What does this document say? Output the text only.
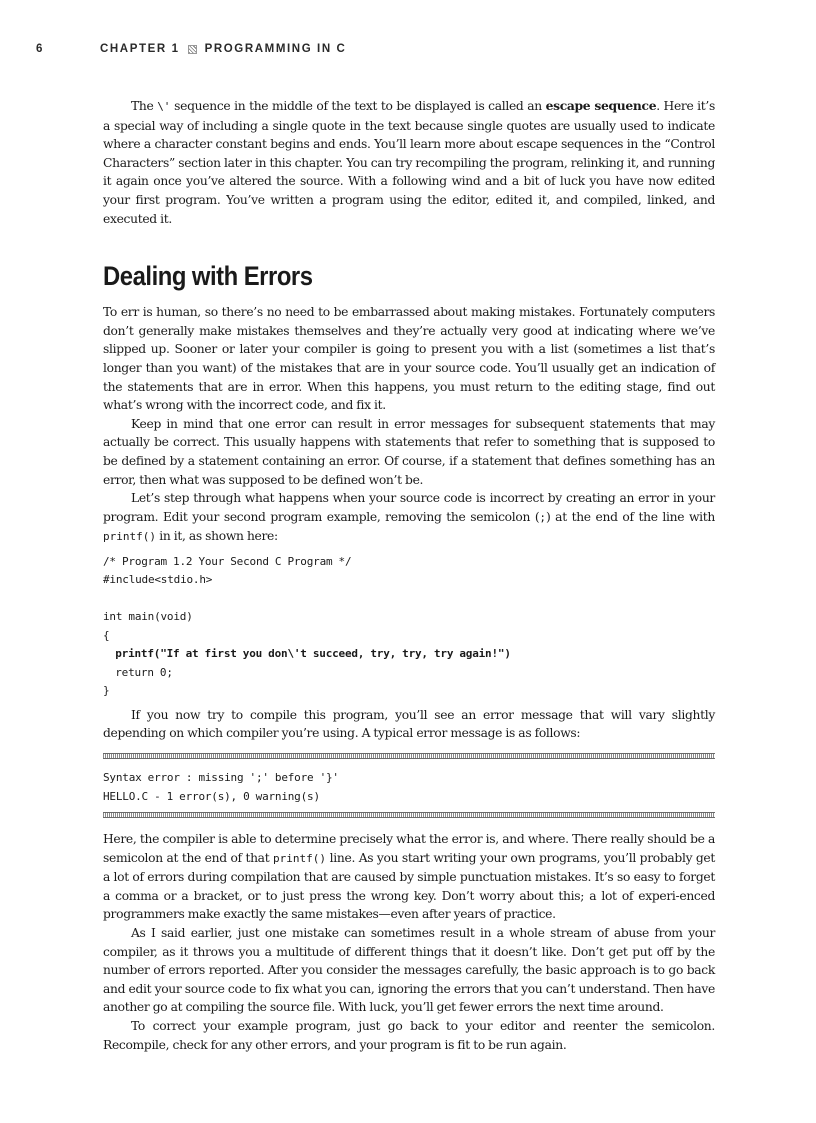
6	CHAPTER 1 PROGRAMMING IN C

The \' sequence in the middle of the text to be displayed is called an escape sequence. Here it’s a special way of including a single quote in the text because single quotes are usually used to indicate where a character constant begins and ends. You’ll learn more about escape sequences in the “Control Characters” section later in this chapter. You can try recompiling the program, relinking it, and running it again once you’ve altered the source. With a following wind and a bit of luck you have now edited your first program. You’ve written a program using the editor, edited it, and compiled, linked, and executed it.

Dealing with Errors

To err is human, so there’s no need to be embarrassed about making mistakes. Fortunately computers don’t generally make mistakes themselves and they’re actually very good at indicating where we’ve slipped up. Sooner or later your compiler is going to present you with a list (sometimes a list that’s longer than you want) of the mistakes that are in your source code. You’ll usually get an indication of the statements that are in error. When this happens, you must return to the editing stage, find out what’s wrong with the incorrect code, and fix it.

Keep in mind that one error can result in error messages for subsequent statements that may actually be correct. This usually happens with statements that refer to something that is supposed to be defined by a statement containing an error. Of course, if a statement that defines something has an error, then what was supposed to be defined won’t be.

Let’s step through what happens when your source code is incorrect by creating an error in your program. Edit your second program example, removing the semicolon (;) at the end of the line with printf() in it, as shown here:

/* Program 1.2 Your Second C Program */
#include<stdio.h>

int main(void)
{
printf("If at first you don\'t succeed, try, try, try again!")
return 0;
}

If you now try to compile this program, you’ll see an error message that will vary slightly depending on which compiler you’re using. A typical error message is as follows:

Syntax error : missing ';' before '}'
HELLO.C - 1 error(s), 0 warning(s)

Here, the compiler is able to determine precisely what the error is, and where. There really should be a semicolon at the end of that printf() line. As you start writing your own programs, you’ll probably get a lot of errors during compilation that are caused by simple punctuation mistakes. It’s so easy to forget a comma or a bracket, or to just press the wrong key. Don’t worry about this; a lot of experi-enced programmers make exactly the same mistakes—even after years of practice.

As I said earlier, just one mistake can sometimes result in a whole stream of abuse from your compiler, as it throws you a multitude of different things that it doesn’t like. Don’t get put off by the number of errors reported. After you consider the messages carefully, the basic approach is to go back and edit your source code to fix what you can, ignoring the errors that you can’t understand. Then have another go at compiling the source file. With luck, you’ll get fewer errors the next time around.

To correct your example program, just go back to your editor and reenter the semicolon. Recompile, check for any other errors, and your program is fit to be run again.
